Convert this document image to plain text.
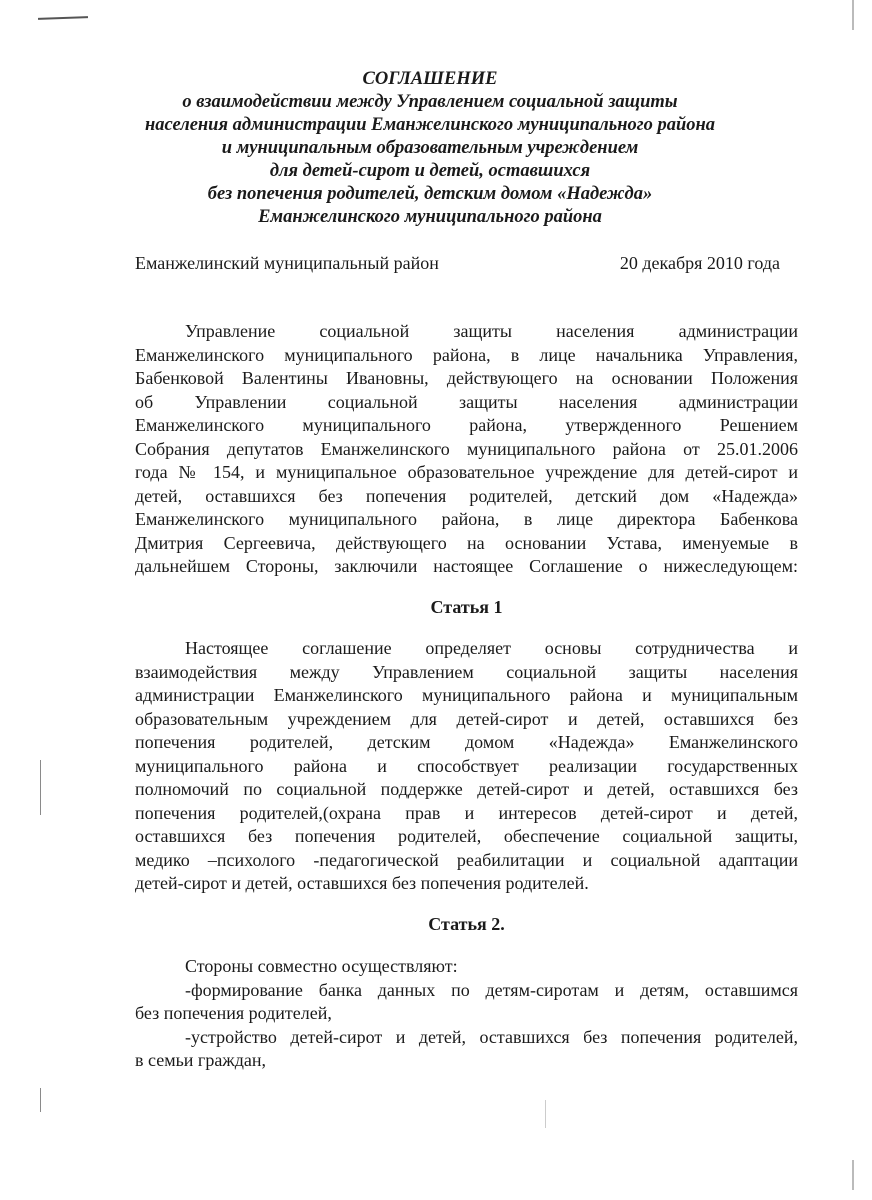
СОГЛАШЕНИЕ
о взаимодействии между Управлением социальной защиты
населения администрации Еманжелинского муниципального района
и муниципальным образовательным учреждением
для детей-сирот и детей, оставшихся
без попечения родителей, детским домом «Надежда»
Еманжелинского муниципального района
Еманжелинский муниципальный район	20 декабря 2010 года
Управление социальной защиты населения администрации
Еманжелинского муниципального района, в лице начальника Управления,
Бабенковой Валентины Ивановны, действующего на основании Положения
об Управлении социальной защиты населения администрации
Еманжелинского муниципального района, утвержденного Решением
Собрания депутатов Еманжелинского муниципального района от 25.01.2006
года № 154, и муниципальное образовательное учреждение для детей-сирот и
детей, оставшихся без попечения родителей, детский дом «Надежда»
Еманжелинского муниципального района, в лице директора Бабенкова
Дмитрия Сергеевича, действующего на основании Устава, именуемые в
дальнейшем Стороны, заключили настоящее Соглашение о нижеследующем:
Статья 1
Настоящее соглашение определяет основы сотрудничества и
взаимодействия между Управлением социальной защиты населения
администрации Еманжелинского муниципального района и муниципальным
образовательным учреждением для детей-сирот и детей, оставшихся без
попечения родителей, детским домом «Надежда» Еманжелинского
муниципального района и способствует реализации государственных
полномочий по социальной поддержке детей-сирот и детей, оставшихся без
попечения родителей,(охрана прав и интересов детей-сирот и детей,
оставшихся без попечения родителей, обеспечение социальной защиты,
медико –психолого -педагогической реабилитации и социальной адаптации
детей-сирот и детей, оставшихся без попечения родителей.
Статья 2.
Стороны совместно осуществляют:
-формирование банка данных по детям-сиротам и детям, оставшимся
без попечения родителей,
-устройство детей-сирот и детей, оставшихся без попечения родителей,
в семьи граждан,
